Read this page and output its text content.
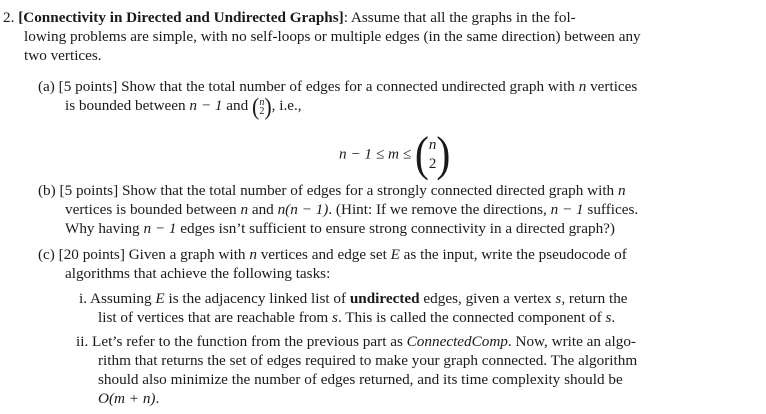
2. [Connectivity in Directed and Undirected Graphs]: Assume that all the graphs in the fol-
lowing problems are simple, with no self-loops or multiple edges (in the same direction) between any
two vertices.
(a) [5 points] Show that the total number of edges for a connected undirected graph with n vertices
is bounded between n − 1 and ( n
2 ), i.e.,
n − 1 ≤ m ≤ ( n
2 )
(b) [5 points] Show that the total number of edges for a strongly connected directed graph with n
vertices is bounded between n and n(n − 1). (Hint: If we remove the directions, n − 1 suffices.
Why having n − 1 edges isn’t sufficient to ensure strong connectivity in a directed graph?)
(c) [20 points] Given a graph with n vertices and edge set E as the input, write the pseudocode of
algorithms that achieve the following tasks:
i. Assuming E is the adjacency linked list of undirected edges, given a vertex s, return the
list of vertices that are reachable from s. This is called the connected component of s.
ii. Let’s refer to the function from the previous part as ConnectedComp. Now, write an algo-
rithm that returns the set of edges required to make your graph connected. The algorithm
should also minimize the number of edges returned, and its time complexity should be
O(m + n).
